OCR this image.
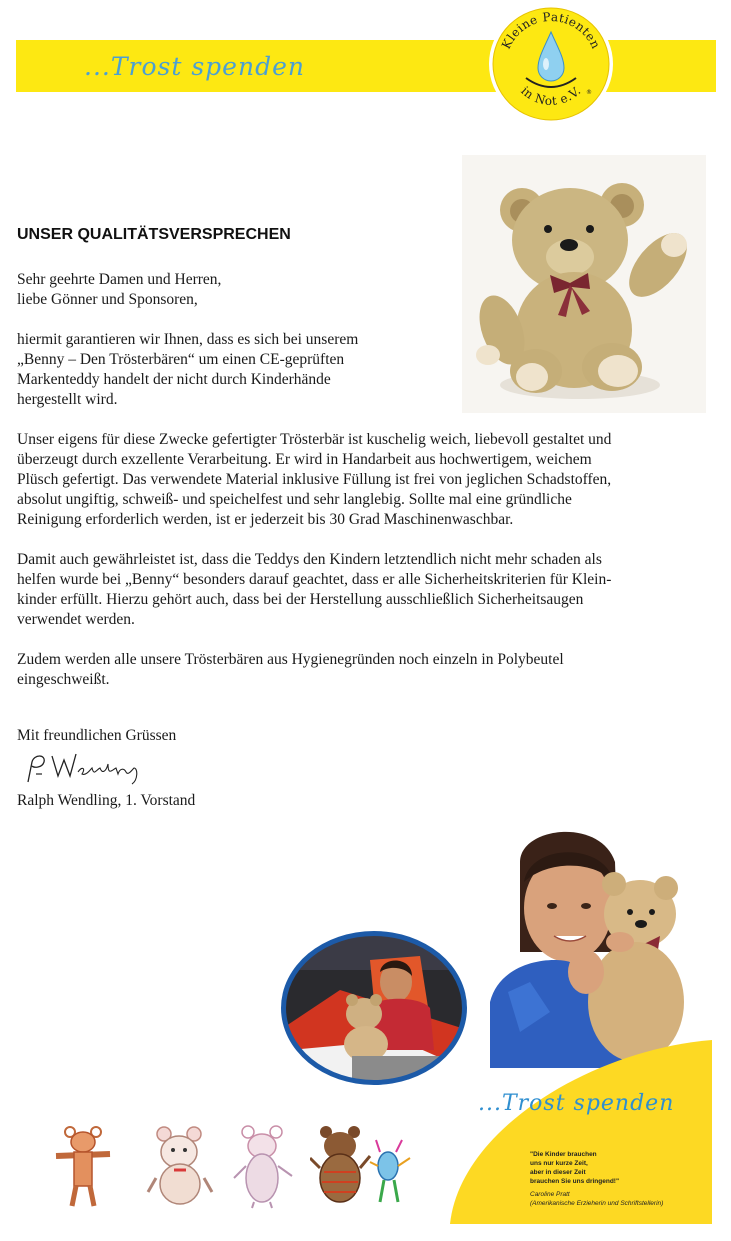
...Trost spenden
Kleine Patienten
in Not e.V. ®
UNSER QUALITÄTSVERSPRECHEN
Sehr geehrte Damen und Herren,
liebe Gönner und Sponsoren,
hiermit garantieren wir Ihnen, dass es sich bei unserem
„Benny – Den Trösterbären“ um einen CE-geprüften
Markenteddy handelt der nicht durch Kinderhände
hergestellt wird.
Unser eigens für diese Zwecke gefertigter Trösterbär ist kuschelig weich, liebevoll gestaltet und
überzeugt durch exzellente Verarbeitung. Er wird in Handarbeit aus hochwertigem, weichem
Plüsch gefertigt. Das verwendete Material inklusive Füllung ist frei von jeglichen Schadstoffen,
absolut ungiftig, schweiß- und speichelfest und sehr langlebig. Sollte mal eine gründliche
Reinigung erforderlich werden, ist er jederzeit bis 30 Grad Maschinenwaschbar.
Damit auch gewährleistet ist, dass die Teddys den Kindern letztendlich nicht mehr schaden als
helfen wurde bei „Benny“ besonders darauf geachtet, dass er alle Sicherheitskriterien für Klein-
kinder erfüllt. Hierzu gehört auch, dass bei der Herstellung ausschließlich Sicherheitsaugen
verwendet werden.
Zudem werden alle unsere Trösterbären aus Hygienegründen noch einzeln in Polybeutel
eingeschweißt.
Mit freundlichen Grüssen
Ralph Wendling, 1. Vorstand
...Trost spenden
"Die Kinder brauchen
uns nur kurze Zeit,
aber in dieser Zeit
brauchen Sie uns dringend!"
Caroline Pratt
(Amerikanische Erzieherin und Schriftstellerin)
